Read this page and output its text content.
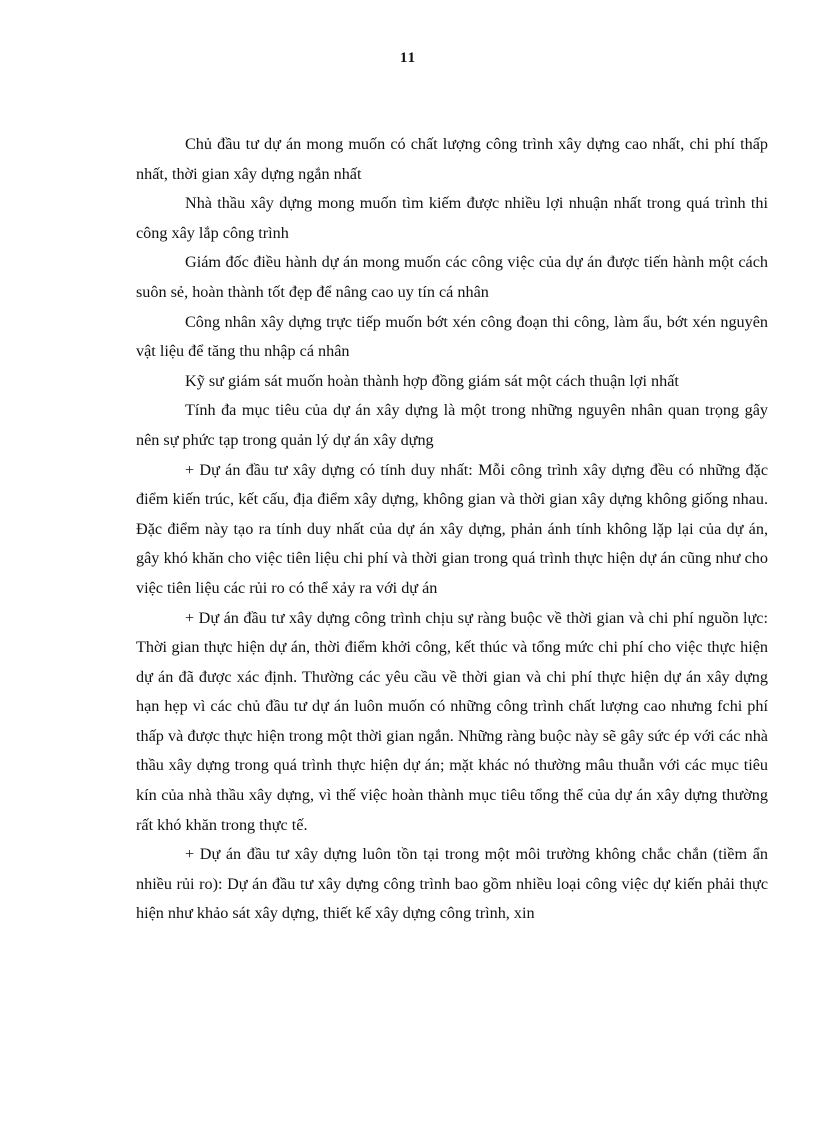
11

Chủ đầu tư dự án mong muốn có chất lượng công trình xây dựng cao nhất, chi phí thấp nhất, thời gian xây dựng ngắn nhất

Nhà thầu xây dựng mong muốn tìm kiếm được nhiều lợi nhuận nhất trong quá trình thi công xây lắp công trình

Giám đốc điều hành dự án mong muốn các công việc của dự án được tiến hành một cách suôn sẻ, hoàn thành tốt đẹp để nâng cao uy tín cá nhân

Công nhân xây dựng trực tiếp muốn bớt xén công đoạn thi công, làm ẩu, bớt xén nguyên vật liệu để tăng thu nhập cá nhân

Kỹ sư giám sát muốn hoàn thành hợp đồng giám sát một cách thuận lợi nhất

Tính đa mục tiêu của dự án xây dựng là một trong những nguyên nhân quan trọng gây nên sự phức tạp trong quản lý dự án xây dựng

+ Dự án đầu tư xây dựng có tính duy nhất: Mỗi công trình xây dựng đều có những đặc điểm kiến trúc, kết cấu, địa điểm xây dựng, không gian và thời gian xây dựng không giống nhau. Đặc điểm này tạo ra tính duy nhất của dự án xây dựng, phản ánh tính không lặp lại của dự án, gây khó khăn cho việc tiên liệu chi phí và thời gian trong quá trình thực hiện dự án cũng như cho việc tiên liệu các rủi ro có thể xảy ra với dự án

+ Dự án đầu tư xây dựng công trình chịu sự ràng buộc về thời gian và chi phí nguồn lực: Thời gian thực hiện dự án, thời điểm khởi công, kết thúc và tổng mức chi phí cho việc thực hiện dự án đã được xác định. Thường các yêu cầu về thời gian và chi phí thực hiện dự án xây dựng hạn hẹp vì các chủ đầu tư dự án luôn muốn có những công trình chất lượng cao nhưng fchi phí thấp và được thực hiện trong một thời gian ngắn. Những ràng buộc này sẽ gây sức ép với các nhà thầu xây dựng trong quá trình thực hiện dự án; mặt khác nó thường mâu thuẫn với các mục tiêu kín của nhà thầu xây dựng, vì thế việc hoàn thành mục tiêu tổng thể của dự án xây dựng thường rất khó khăn trong thực tế.

+ Dự án đầu tư xây dựng luôn tồn tại trong một môi trường không chắc chắn (tiềm ẩn nhiều rủi ro): Dự án đầu tư xây dựng công trình bao gồm nhiều loại công việc dự kiến phải thực hiện như khảo sát xây dựng, thiết kế xây dựng công trình, xin
